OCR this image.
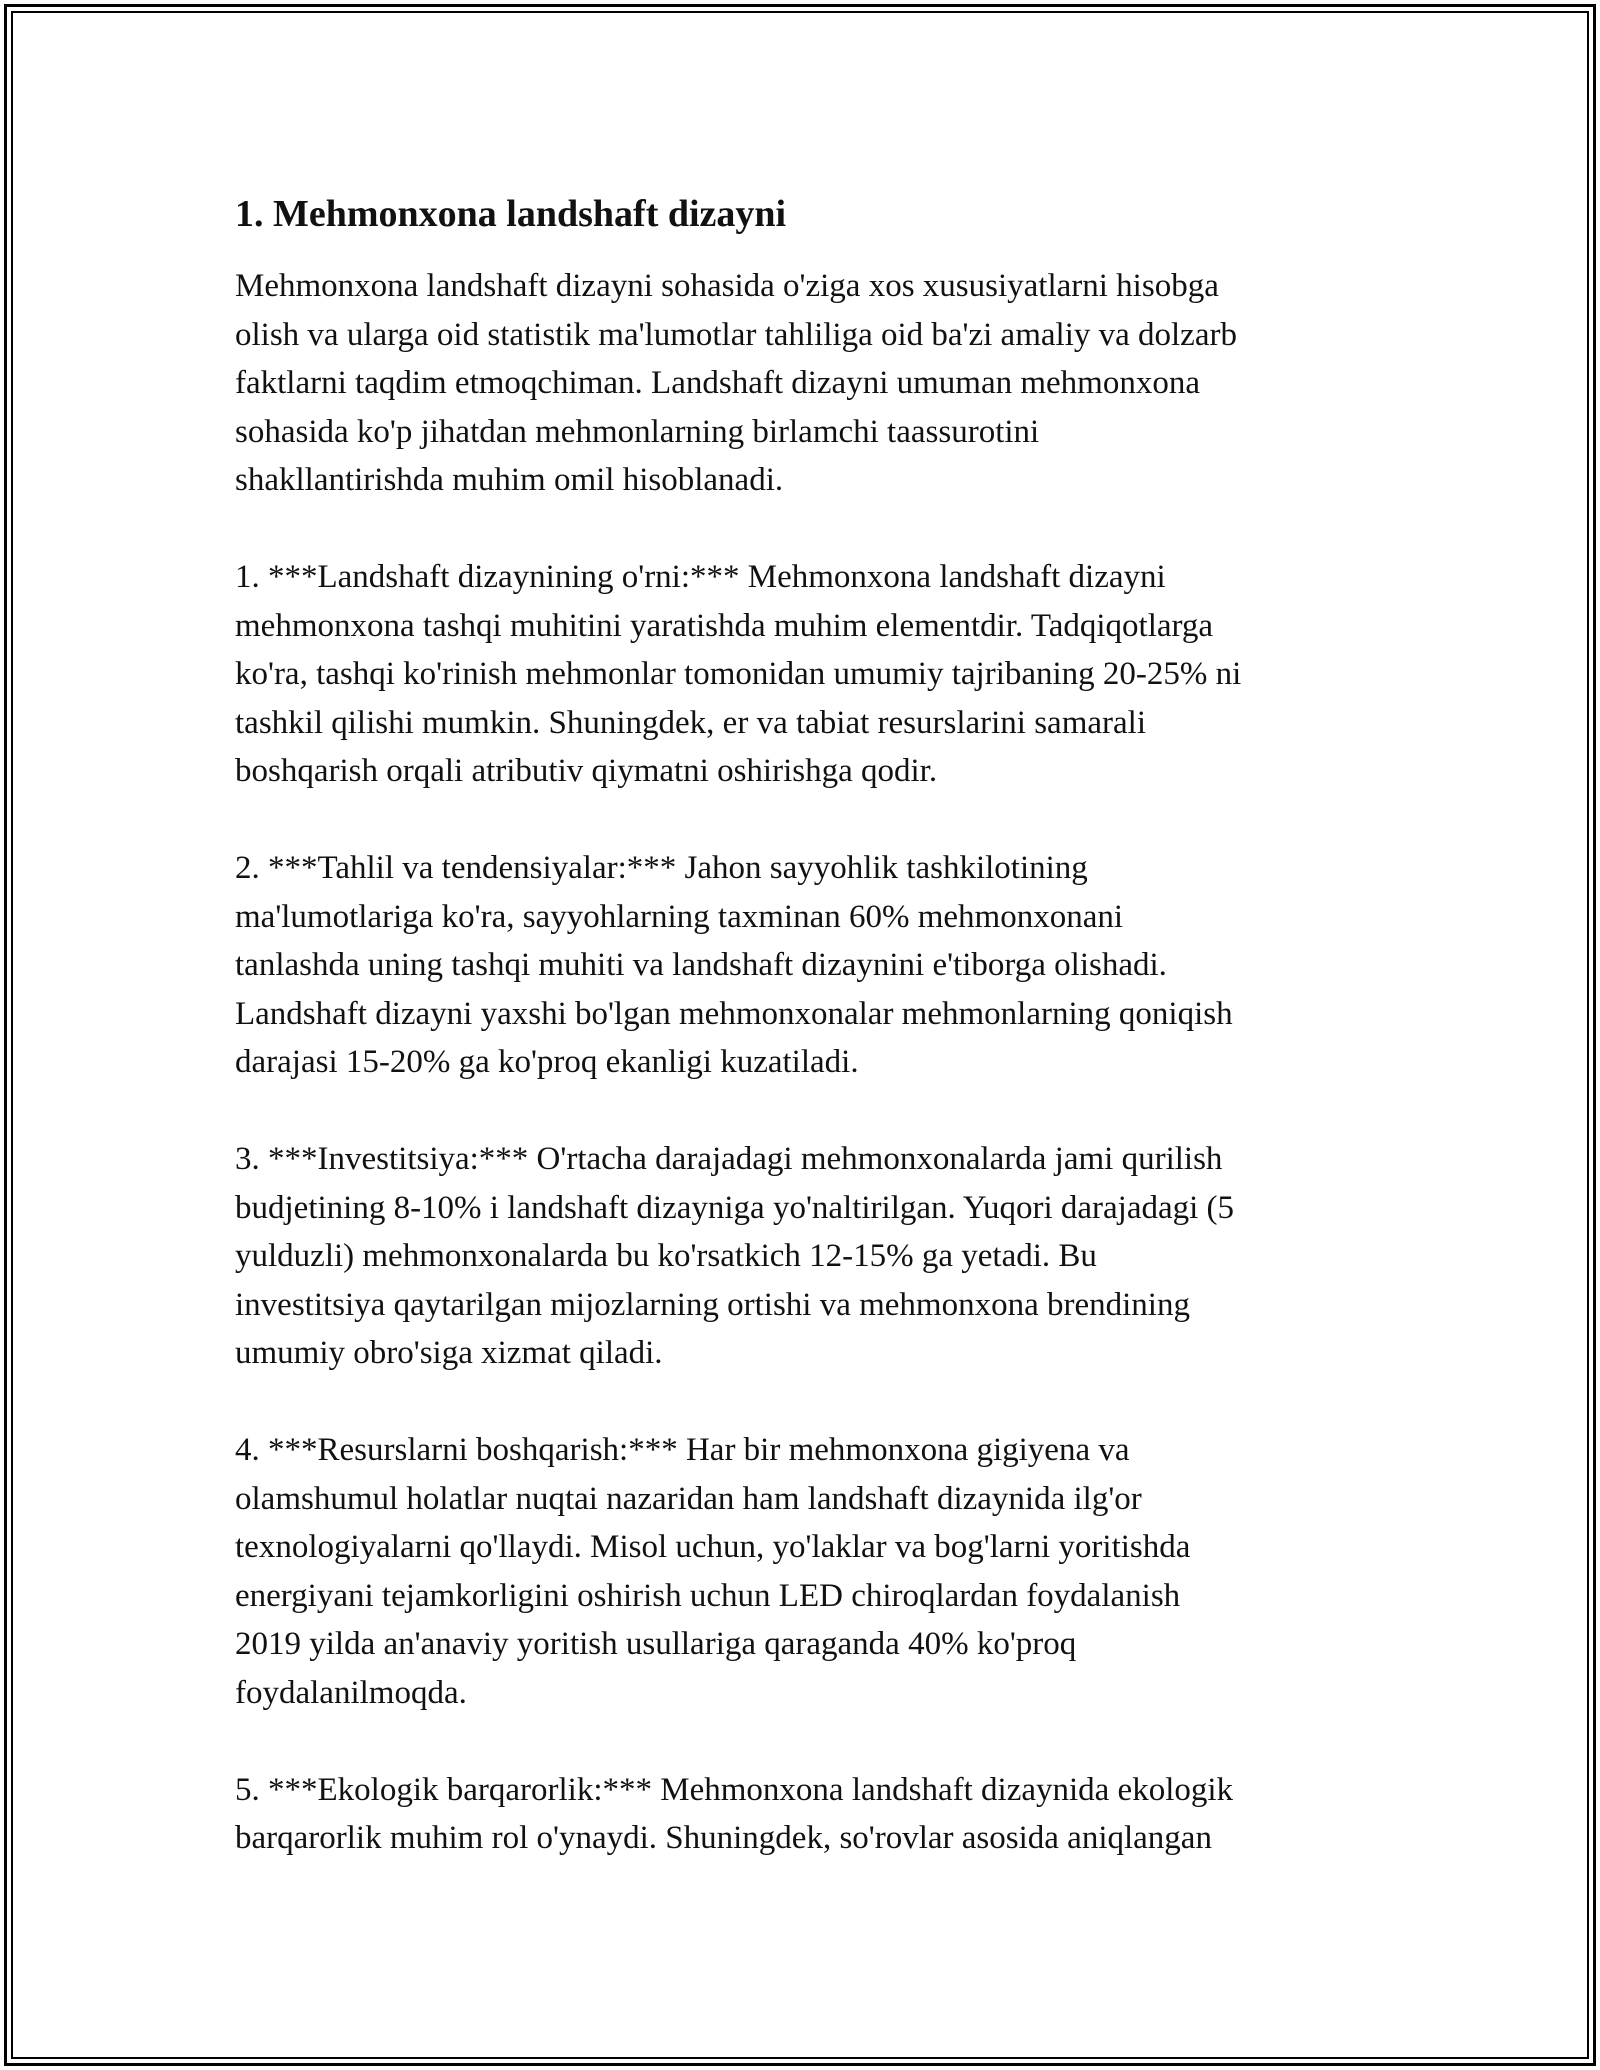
1. Mehmonxona landshaft dizayni

Mehmonxona landshaft dizayni sohasida o'ziga xos xususiyatlarni hisobga
olish va ularga oid statistik ma'lumotlar tahliliga oid ba'zi amaliy va dolzarb
faktlarni taqdim etmoqchiman. Landshaft dizayni umuman mehmonxona
sohasida ko'p jihatdan mehmonlarning birlamchi taassurotini
shakllantirishda muhim omil hisoblanadi.

1. ***Landshaft dizaynining o'rni:*** Mehmonxona landshaft dizayni
mehmonxona tashqi muhitini yaratishda muhim elementdir. Tadqiqotlarga
ko'ra, tashqi ko'rinish mehmonlar tomonidan umumiy tajribaning 20-25% ni
tashkil qilishi mumkin. Shuningdek, er va tabiat resurslarini samarali
boshqarish orqali atributiv qiymatni oshirishga qodir.

2. ***Tahlil va tendensiyalar:*** Jahon sayyohlik tashkilotining
ma'lumotlariga ko'ra, sayyohlarning taxminan 60% mehmonxonani
tanlashda uning tashqi muhiti va landshaft dizaynini e'tiborga olishadi.
Landshaft dizayni yaxshi bo'lgan mehmonxonalar mehmonlarning qoniqish
darajasi 15-20% ga ko'proq ekanligi kuzatiladi.

3. ***Investitsiya:*** O'rtacha darajadagi mehmonxonalarda jami qurilish
budjetining 8-10% i landshaft dizayniga yo'naltirilgan. Yuqori darajadagi (5
yulduzli) mehmonxonalarda bu ko'rsatkich 12-15% ga yetadi. Bu
investitsiya qaytarilgan mijozlarning ortishi va mehmonxona brendining
umumiy obro'siga xizmat qiladi.

4. ***Resurslarni boshqarish:*** Har bir mehmonxona gigiyena va
olamshumul holatlar nuqtai nazaridan ham landshaft dizaynida ilg'or
texnologiyalarni qo'llaydi. Misol uchun, yo'laklar va bog'larni yoritishda
energiyani tejamkorligini oshirish uchun LED chiroqlardan foydalanish
2019 yilda an'anaviy yoritish usullariga qaraganda 40% ko'proq
foydalanilmoqda.

5. ***Ekologik barqarorlik:*** Mehmonxona landshaft dizaynida ekologik
barqarorlik muhim rol o'ynaydi. Shuningdek, so'rovlar asosida aniqlangan
